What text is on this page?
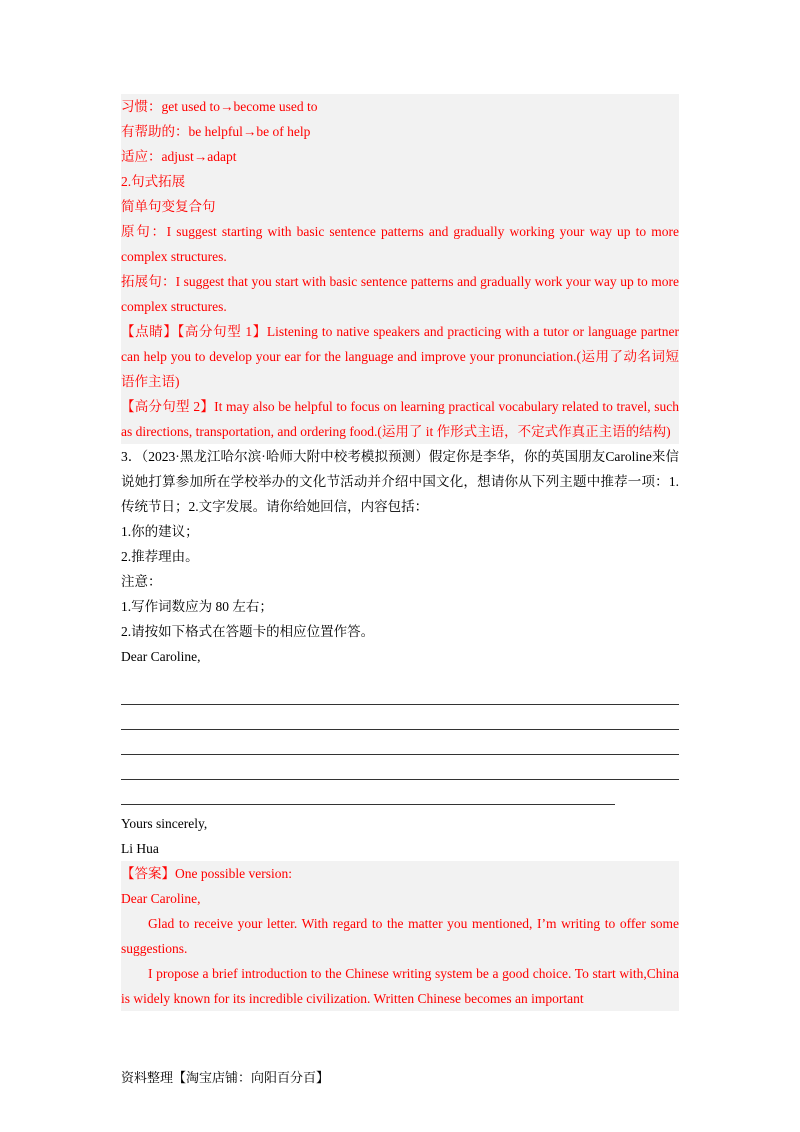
习惯：get used to→become used to
有帮助的：be helpful→be of help
适应：adjust→adapt
2.句式拓展
简单句变复合句
原句：I suggest starting with basic sentence patterns and gradually working your way up to more complex structures.
拓展句：I suggest that you start with basic sentence patterns and gradually work your way up to more complex structures.
【点睛】【高分句型 1】Listening to native speakers and practicing with a tutor or language partner can help you to develop your ear for the language and improve your pronunciation.(运用了动名词短语作主语)
【高分句型 2】It may also be helpful to focus on learning practical vocabulary related to travel, such as directions, transportation, and ordering food.(运用了 it 作形式主语，不定式作真正主语的结构)
3．（2023·黑龙江哈尔滨·哈师大附中校考模拟预测）假定你是李华，你的英国朋友Caroline来信说她打算参加所在学校举办的文化节活动并介绍中国文化，想请你从下列主题中推荐一项：1.传统节日；2.文字发展。请你给她回信，内容包括：
1.你的建议；
2.推荐理由。
注意：
1.写作词数应为 80 左右；
2.请按如下格式在答题卡的相应位置作答。
Dear Caroline,
Yours sincerely,
Li Hua
【答案】One possible version:
Dear Caroline,
Glad to receive your letter. With regard to the matter you mentioned, I’m writing to offer some suggestions.
I propose a brief introduction to the Chinese writing system be a good choice. To start with,China is widely known for its incredible civilization. Written Chinese becomes an important
资料整理【淘宝店铺：向阳百分百】
